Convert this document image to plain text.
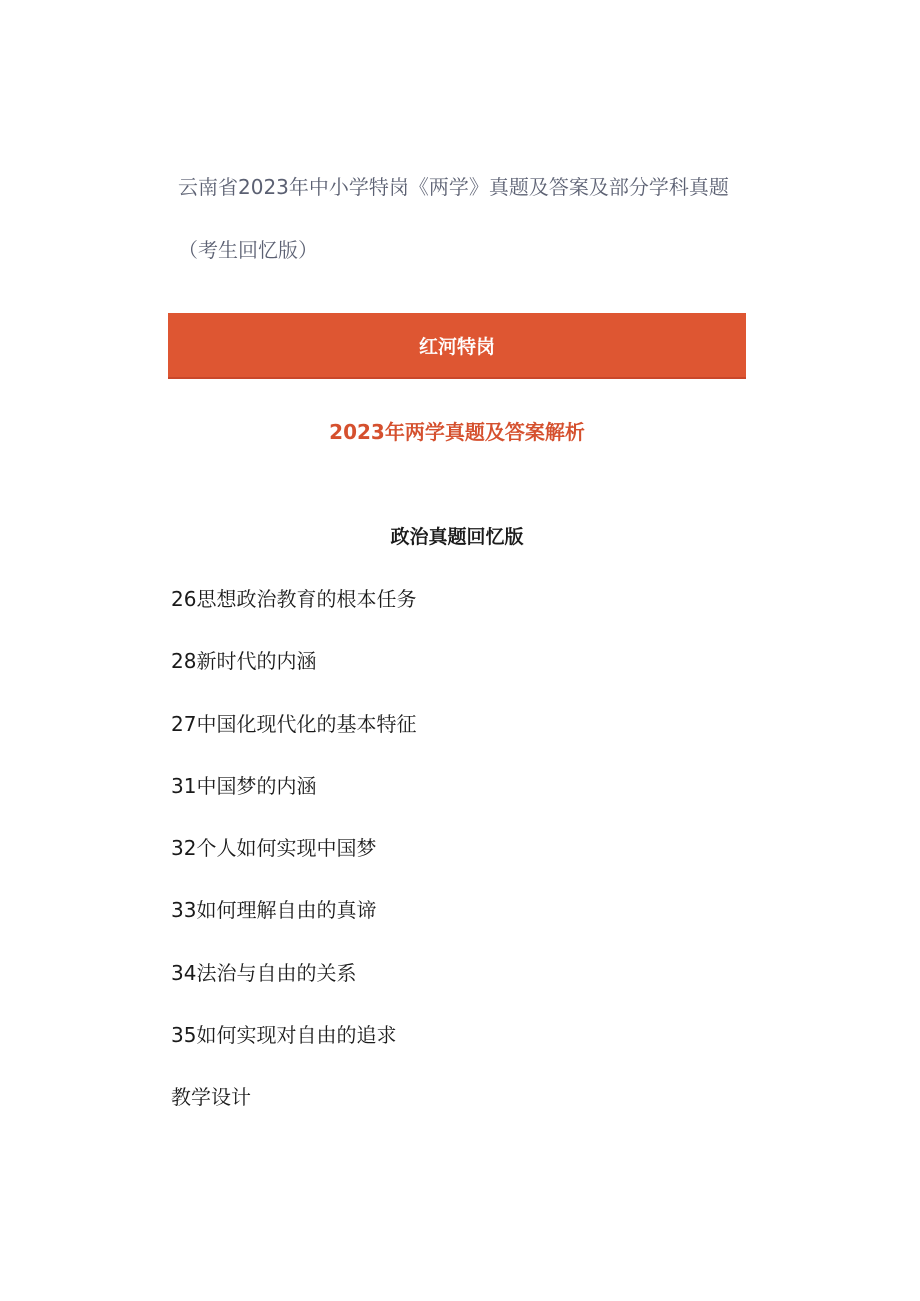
云南省2023年中小学特岗《两学》真题及答案及部分学科真题
（考生回忆版）
红河特岗
2023年两学真题及答案解析
政治真题回忆版
26思想政治教育的根本任务
28新时代的内涵
27中国化现代化的基本特征
31中国梦的内涵
32个人如何实现中国梦
33如何理解自由的真谛
34法治与自由的关系
35如何实现对自由的追求
教学设计
